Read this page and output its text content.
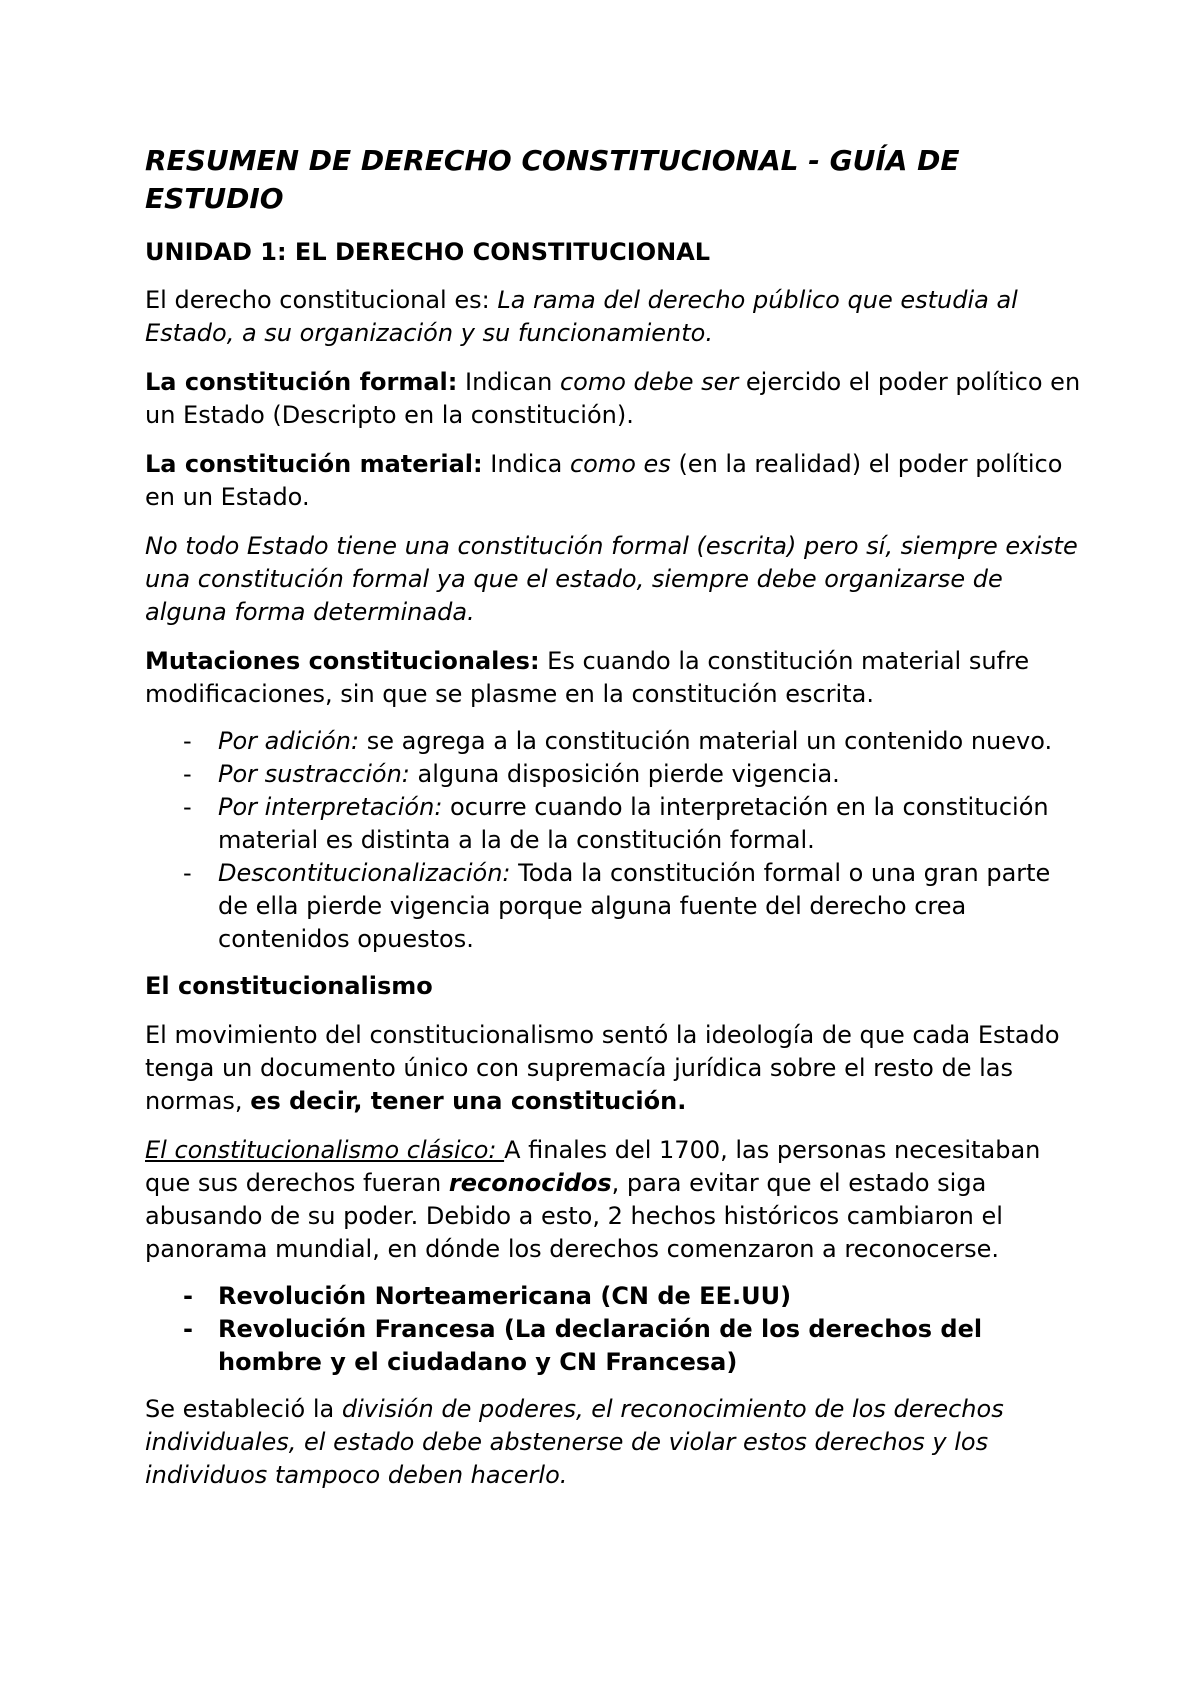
RESUMEN DE DERECHO CONSTITUCIONAL - GUÍA DE ESTUDIO
UNIDAD 1: EL DERECHO CONSTITUCIONAL

El derecho constitucional es: La rama del derecho público que estudia al Estado, a su organización y su funcionamiento.

La constitución formal: Indican como debe ser ejercido el poder político en un Estado (Descripto en la constitución).

La constitución material: Indica como es (en la realidad) el poder político en un Estado.

No todo Estado tiene una constitución formal (escrita) pero sí, siempre existe una constitución formal ya que el estado, siempre debe organizarse de alguna forma determinada.

Mutaciones constitucionales: Es cuando la constitución material sufre modificaciones, sin que se plasme en la constitución escrita.

- Por adición: se agrega a la constitución material un contenido nuevo.
- Por sustracción: alguna disposición pierde vigencia.
- Por interpretación: ocurre cuando la interpretación en la constitución material es distinta a la de la constitución formal.
- Descontitucionalización: Toda la constitución formal o una gran parte de ella pierde vigencia porque alguna fuente del derecho crea contenidos opuestos.

El constitucionalismo

El movimiento del constitucionalismo sentó la ideología de que cada Estado tenga un documento único con supremacía jurídica sobre el resto de las normas, es decir, tener una constitución.

El constitucionalismo clásico: A finales del 1700, las personas necesitaban que sus derechos fueran reconocidos, para evitar que el estado siga abusando de su poder. Debido a esto, 2 hechos históricos cambiaron el panorama mundial, en dónde los derechos comenzaron a reconocerse.

- Revolución Norteamericana (CN de EE.UU)
- Revolución Francesa (La declaración de los derechos del hombre y el ciudadano y CN Francesa)

Se estableció la división de poderes, el reconocimiento de los derechos individuales, el estado debe abstenerse de violar estos derechos y los individuos tampoco deben hacerlo.
